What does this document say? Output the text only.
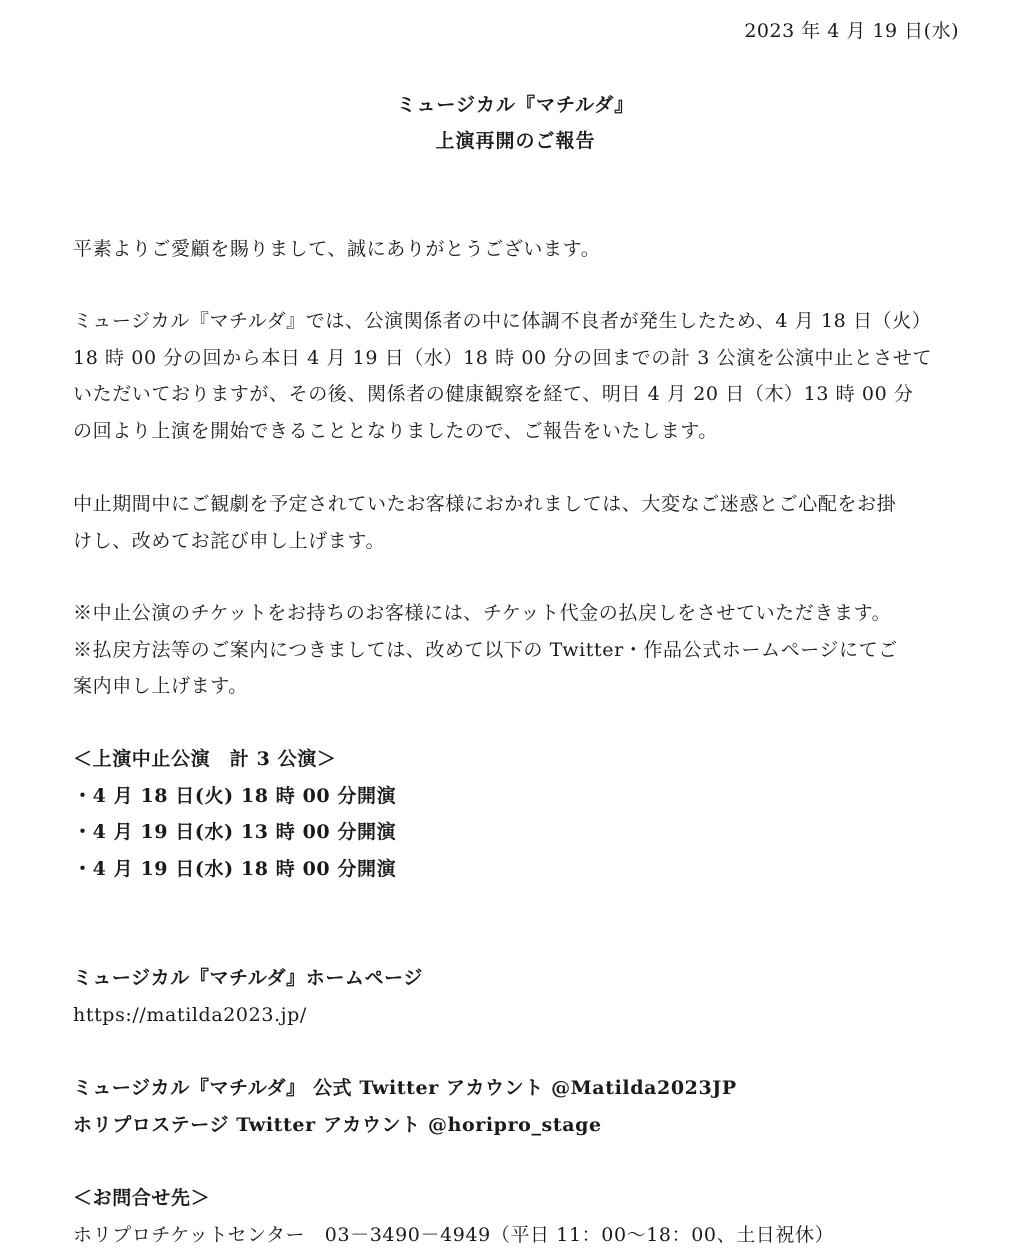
2023 年 4 月 19 日(水)
ミュージカル『マチルダ』
上演再開のご報告

平素よりご愛顧を賜りまして、誠にありがとうございます。

ミュージカル『マチルダ』では、公演関係者の中に体調不良者が発生したため、4 月 18 日（火）
18 時 00 分の回から本日 4 月 19 日（水）18 時 00 分の回までの計 3 公演を公演中止とさせて
いただいておりますが、その後、関係者の健康観察を経て、明日 4 月 20 日（木）13 時 00 分
の回より上演を開始できることとなりましたので、ご報告をいたします。

中止期間中にご観劇を予定されていたお客様におかれましては、大変なご迷惑とご心配をお掛
けし、改めてお詫び申し上げます。

※中止公演のチケットをお持ちのお客様には、チケット代金の払戻しをさせていただきます。
※払戻方法等のご案内につきましては、改めて以下の Twitter・作品公式ホームページにてご
案内申し上げます。

＜上演中止公演　計 3 公演＞
・4 月 18 日(火) 18 時 00 分開演
・4 月 19 日(水) 13 時 00 分開演
・4 月 19 日(水) 18 時 00 分開演
ミュージカル『マチルダ』ホームページ
https://matilda2023.jp/
ミュージカル『マチルダ』 公式 Twitter アカウント @Matilda2023JP
ホリプロステージ Twitter アカウント @horipro_stage
＜お問合せ先＞
ホリプロチケットセンター　03－3490－4949（平日 11：00～18：00、土日祝休）
